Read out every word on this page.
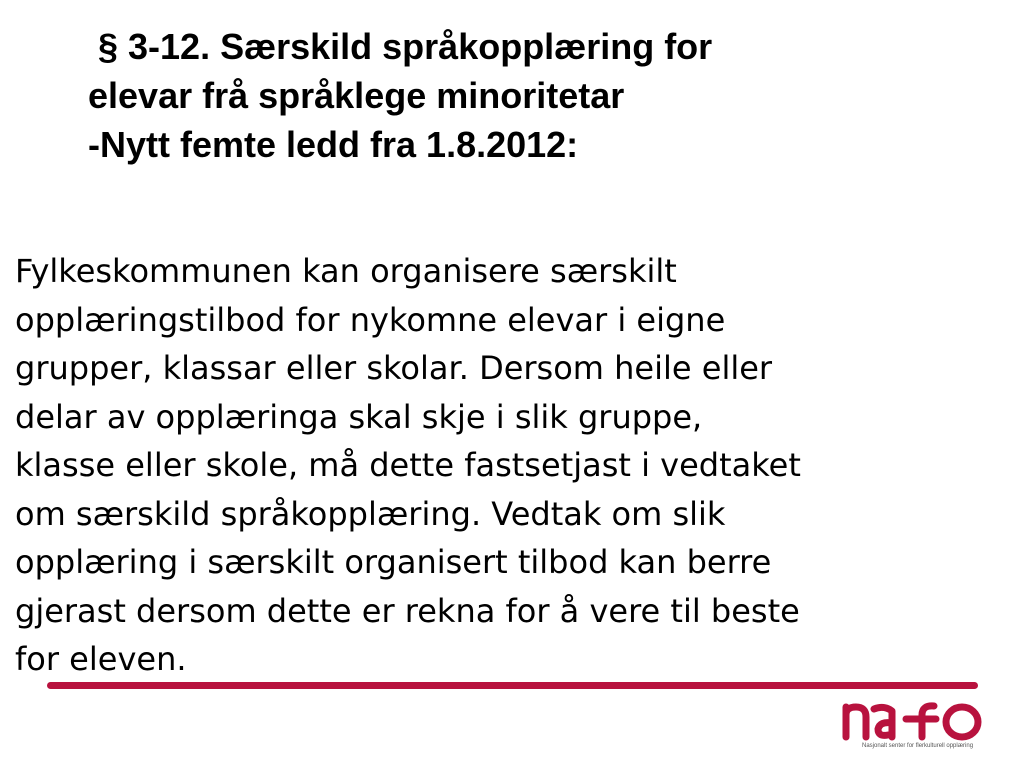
§ 3-12. Særskild språkopplæring for
elevar frå språklege minoritetar
-Nytt femte ledd fra 1.8.2012:

Fylkeskommunen kan organisere særskilt
opplæringstilbod for nykomne elevar i eigne
grupper, klassar eller skolar. Dersom heile eller
delar av opplæringa skal skje i slik gruppe,
klasse eller skole, må dette fastsetjast i vedtaket
om særskild språkopplæring. Vedtak om slik
opplæring i særskilt organisert tilbod kan berre
gjerast dersom dette er rekna for å vere til beste
for eleven.

Nasjonalt senter for flerkulturell opplæring
